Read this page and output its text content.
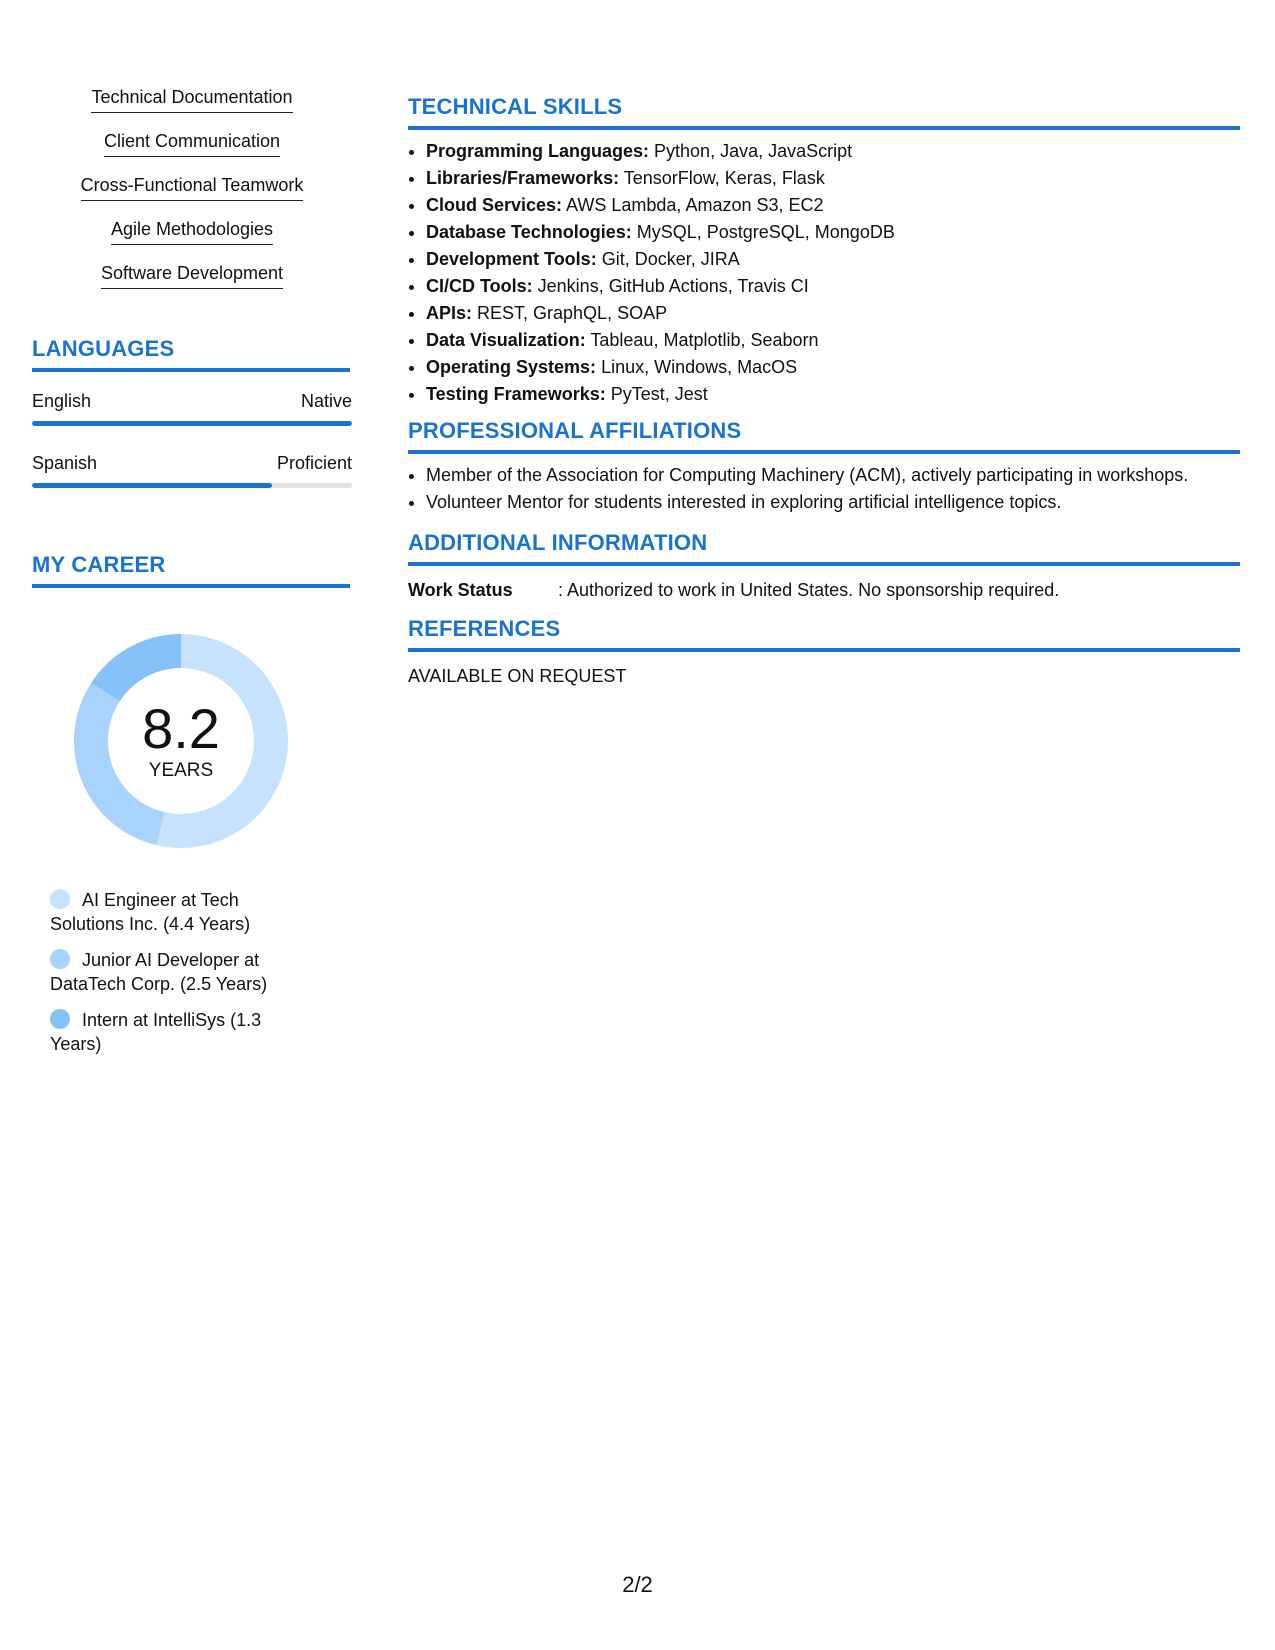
Technical Documentation
Client Communication
Cross-Functional Teamwork
Agile Methodologies
Software Development
LANGUAGES
English	Native
Spanish	Proficient
MY CAREER
8.2
YEARS
AI Engineer at Tech Solutions Inc. (4.4 Years)
Junior AI Developer at DataTech Corp. (2.5 Years)
Intern at IntelliSys (1.3 Years)
TECHNICAL SKILLS
• Programming Languages: Python, Java, JavaScript
• Libraries/Frameworks: TensorFlow, Keras, Flask
• Cloud Services: AWS Lambda, Amazon S3, EC2
• Database Technologies: MySQL, PostgreSQL, MongoDB
• Development Tools: Git, Docker, JIRA
• CI/CD Tools: Jenkins, GitHub Actions, Travis CI
• APIs: REST, GraphQL, SOAP
• Data Visualization: Tableau, Matplotlib, Seaborn
• Operating Systems: Linux, Windows, MacOS
• Testing Frameworks: PyTest, Jest
PROFESSIONAL AFFILIATIONS
• Member of the Association for Computing Machinery (ACM), actively participating in workshops.
• Volunteer Mentor for students interested in exploring artificial intelligence topics.
ADDITIONAL INFORMATION
Work Status	: Authorized to work in United States. No sponsorship required.
REFERENCES
AVAILABLE ON REQUEST
2/2
